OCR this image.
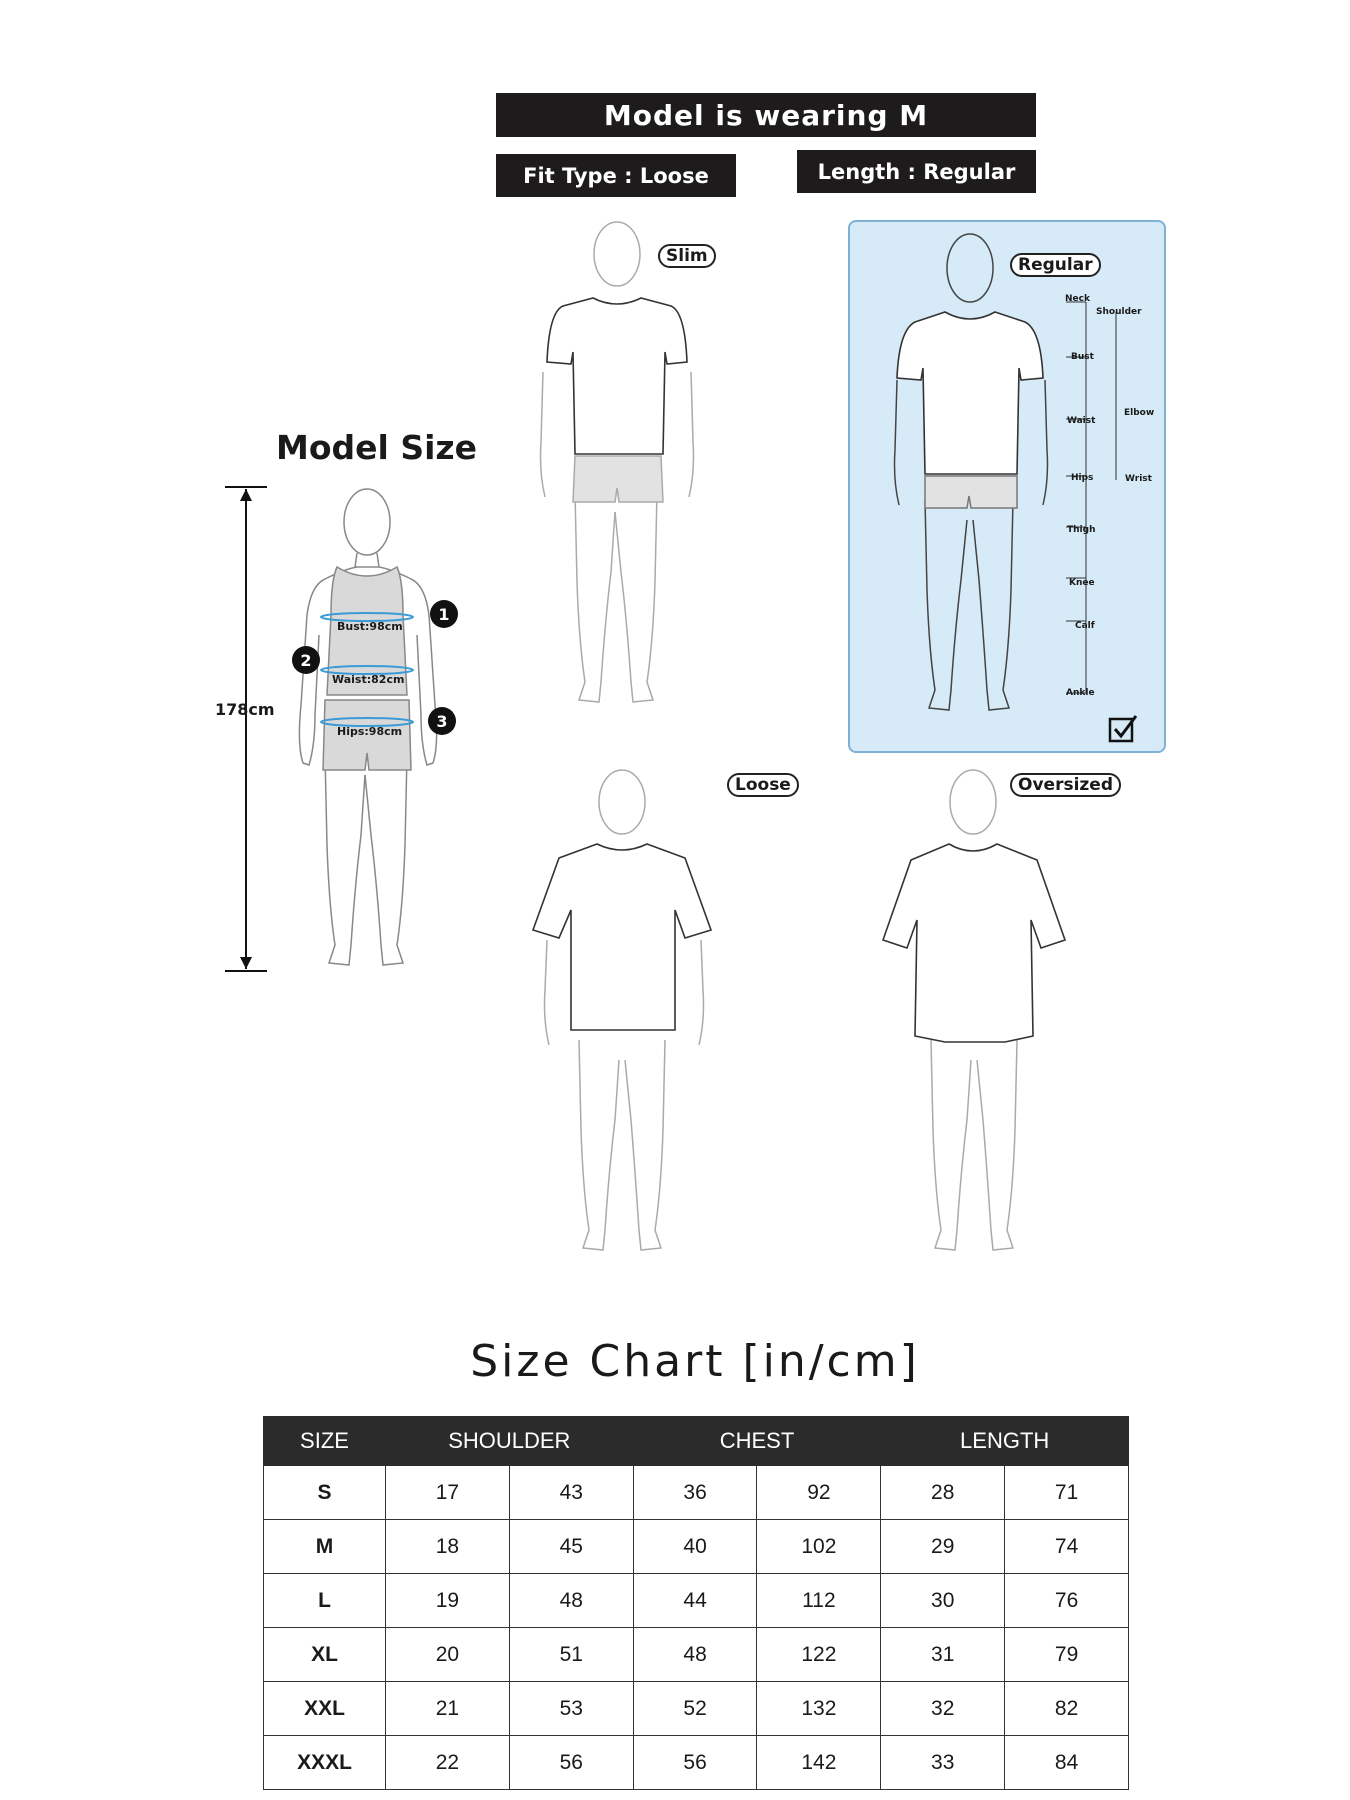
Model is wearing M
Fit Type : Loose	Length : Regular
Model Size
178cm
Bust:98cm
Waist:82cm
Hips:98cm
1
2
3
Slim	Regular
Neck
Bust
Waist
Hips
Thigh
Knee
Calf
Ankle
Shoulder
Elbow
Wrist
Loose	Oversized
Size Chart [in/cm]
SIZE	SHOULDER		CHEST		LENGTH	
S	17	43	36	92	28	71
M	18	45	40	102	29	74
L	19	48	44	112	30	76
XL	20	51	48	122	31	79
XXL	21	53	52	132	32	82
XXXL	22	56	56	142	33	84
